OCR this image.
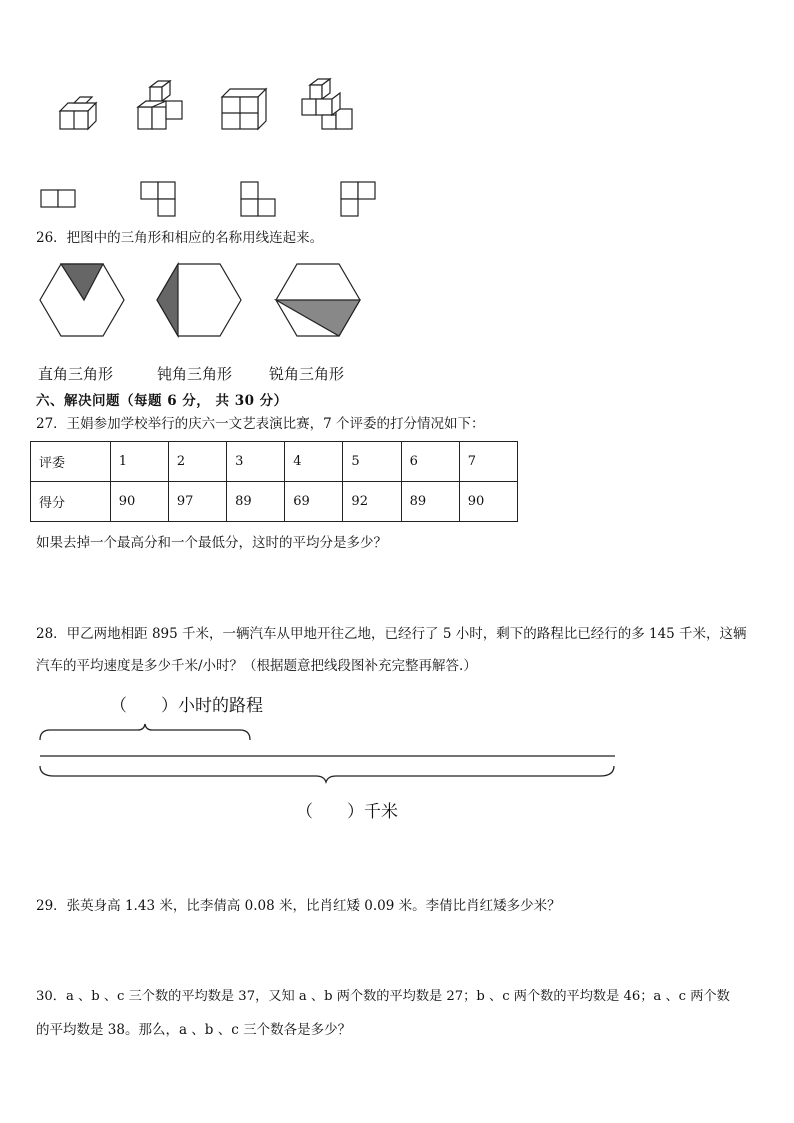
26．把图中的三角形和相应的名称用线连起来。
直角三角形	钝角三角形 锐角三角形
六、解决问题（每题 6 分， 共 30 分）
27．王娟参加学校举行的庆六一文艺表演比赛，7 个评委的打分情况如下：
评委	1	2	3	4	5	6	7
得分	90	97	89	69	92	89	90
如果去掉一个最高分和一个最低分，这时的平均分是多少？
28．甲乙两地相距 895 千米，一辆汽车从甲地开往乙地，已经行了 5 小时，剩下的路程比已经行的多 145 千米，这辆
汽车的平均速度是多少千米/小时？（根据题意把线段图补充完整再解答.）
（　　）小时的路程
（　　）千米
29．张英身高 1.43 米，比李倩高 0.08 米，比肖红矮 0.09 米。李倩比肖红矮多少米？
30．a 、b 、c 三个数的平均数是 37，又知 a 、b 两个数的平均数是 27；b 、c 两个数的平均数是 46；a 、c 两个数
的平均数是 38。那么，a 、b 、c 三个数各是多少？
